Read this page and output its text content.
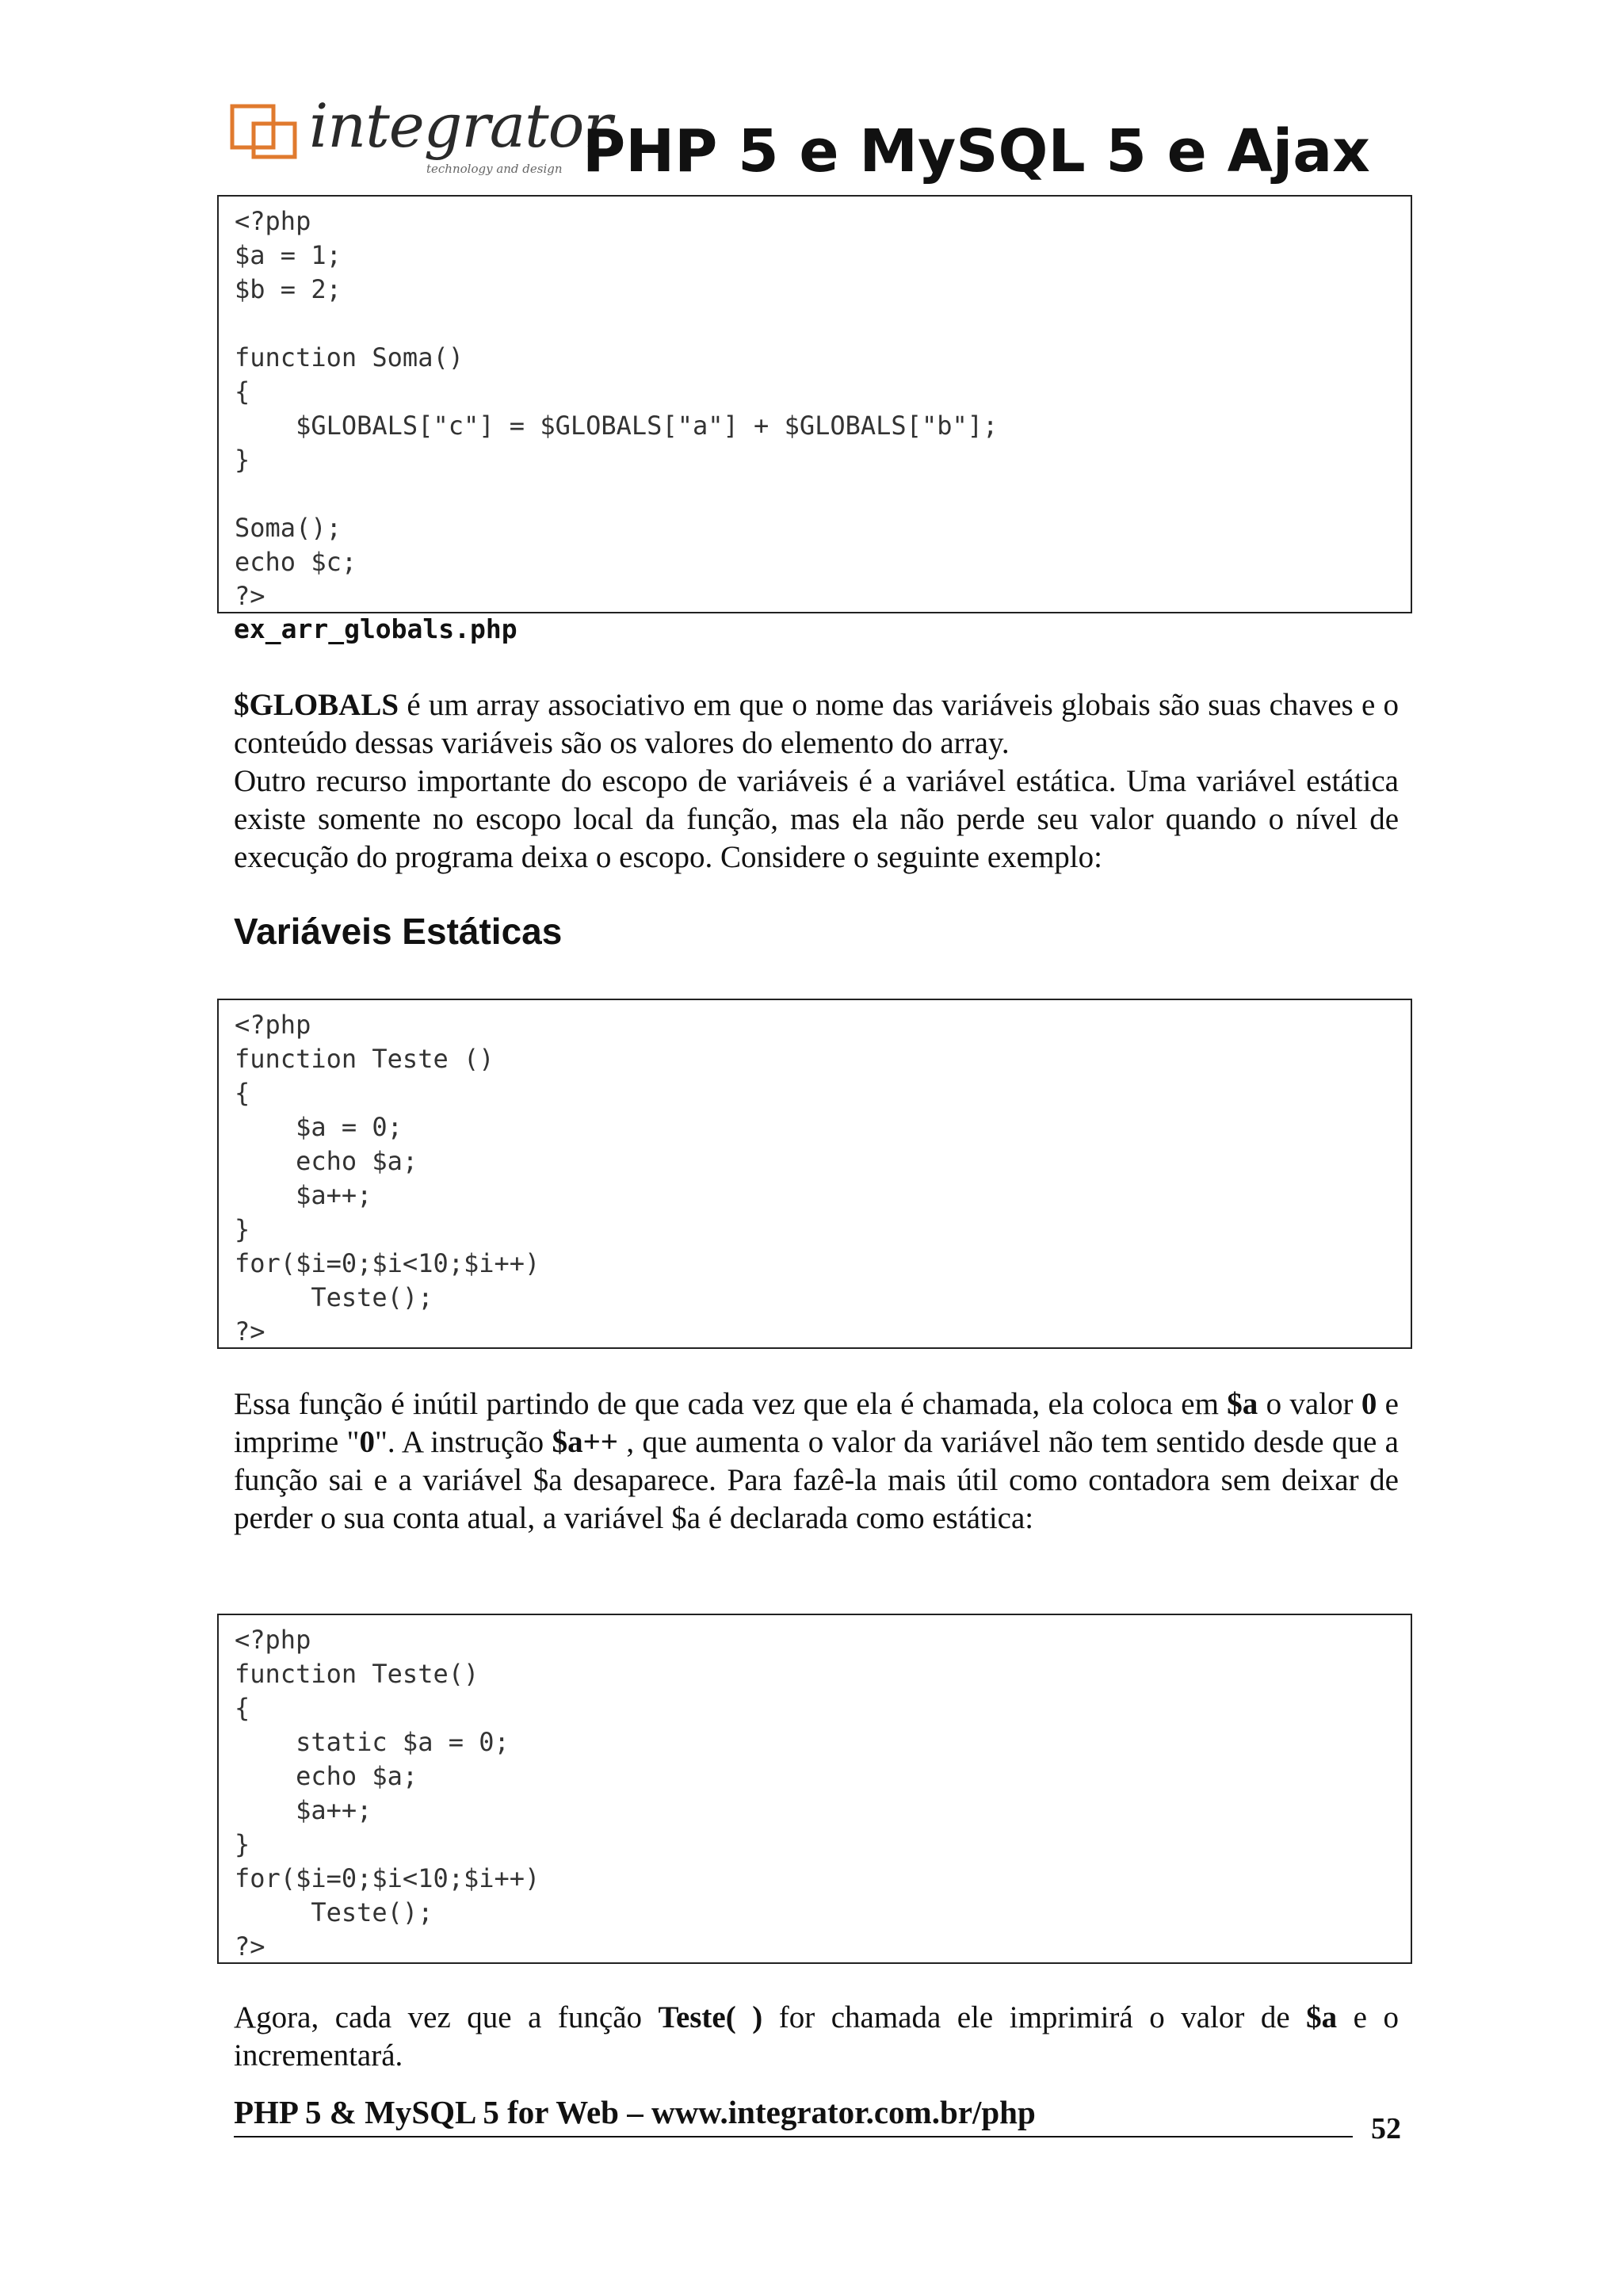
integrator
technology and design PHP 5 e MySQL 5 e Ajax
<?php
$a = 1;
$b = 2;

function Soma()
{
$GLOBALS["c"] = $GLOBALS["a"] + $GLOBALS["b"];
}

Soma();
echo $c;
?>

ex_arr_globals.php

$GLOBALS é um array associativo em que o nome das variáveis globais são suas chaves e o conteúdo dessas variáveis são os valores do elemento do array.

Outro recurso importante do escopo de variáveis é a variável estática. Uma variável estática existe somente no escopo local da função, mas ela não perde seu valor quando o nível de execução do programa deixa o escopo. Considere o seguinte exemplo:

Variáveis Estáticas
<?php
function Teste ()
{
$a = 0;
echo $a;
$a++;
}
for($i=0;$i<10;$i++)
Teste();
?>

Essa função é inútil partindo de que cada vez que ela é chamada, ela coloca em $a o valor 0 e imprime "0". A instrução $a++ , que aumenta o valor da variável não tem sentido desde que a função sai e a variável $a desaparece. Para fazê-la mais útil como contadora sem deixar de perder o sua conta atual, a variável $a é declarada como estática:

<?php
function Teste()
{
static $a = 0;
echo $a;
$a++;
}
for($i=0;$i<10;$i++)
Teste();
?>

Agora, cada vez que a função Teste( ) for chamada ele imprimirá o valor de $a e o incrementará.

PHP 5 & MySQL 5 for Web – www.integrator.com.br/php	52
